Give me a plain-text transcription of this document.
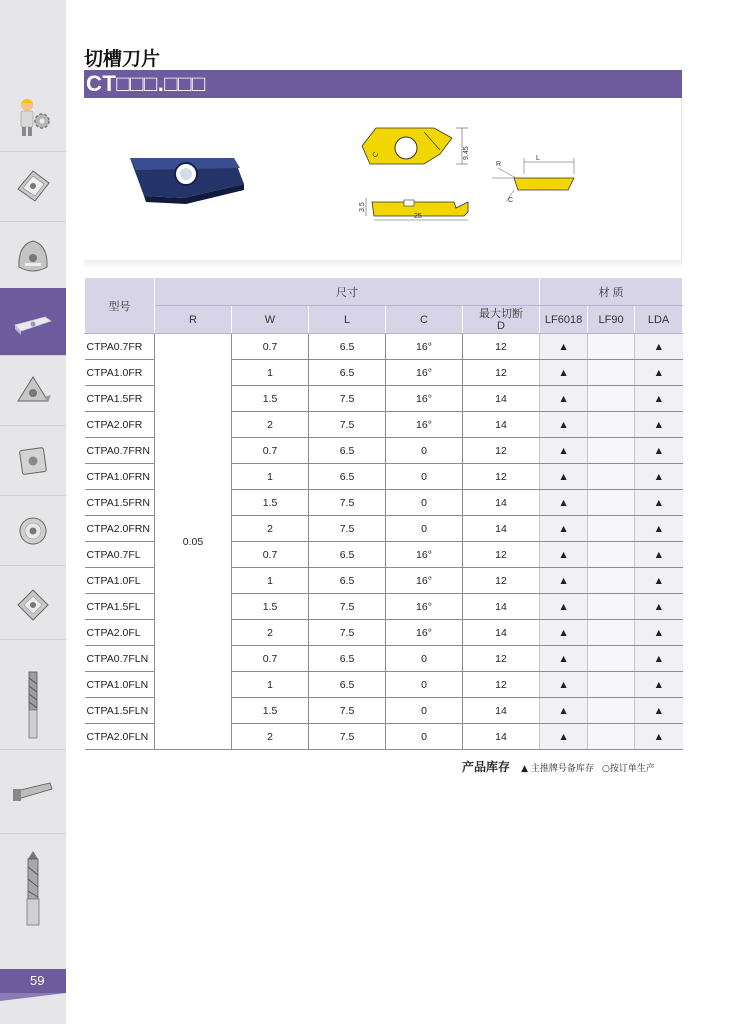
59
切槽刀片
CT□□□.□□□
9.45
C
3.5
25
L
R
C
型号	尺寸					材 质		
	R	W	L	C	最大切断D	LF6018	LF90	LDA
CTPA0.7FR	0.05	0.7	6.5	16°	12	▲		▲
CTPA1.0FR		1	6.5	16°	12	▲		▲
CTPA1.5FR		1.5	7.5	16°	14	▲		▲
CTPA2.0FR		2	7.5	16°	14	▲		▲
CTPA0.7FRN		0.7	6.5	0	12	▲		▲
CTPA1.0FRN		1	6.5	0	12	▲		▲
CTPA1.5FRN		1.5	7.5	0	14	▲		▲
CTPA2.0FRN		2	7.5	0	14	▲		▲
CTPA0.7FL		0.7	6.5	16°	12	▲		▲
CTPA1.0FL		1	6.5	16°	12	▲		▲
CTPA1.5FL		1.5	7.5	16°	14	▲		▲
CTPA2.0FL		2	7.5	16°	14	▲		▲
CTPA0.7FLN		0.7	6.5	0	12	▲		▲
CTPA1.0FLN		1	6.5	0	12	▲		▲
CTPA1.5FLN		1.5	7.5	0	14	▲		▲
CTPA2.0FLN		2	7.5	0	14	▲		▲
产品库存 ▲ 主推牌号备库存 ○按订单生产
